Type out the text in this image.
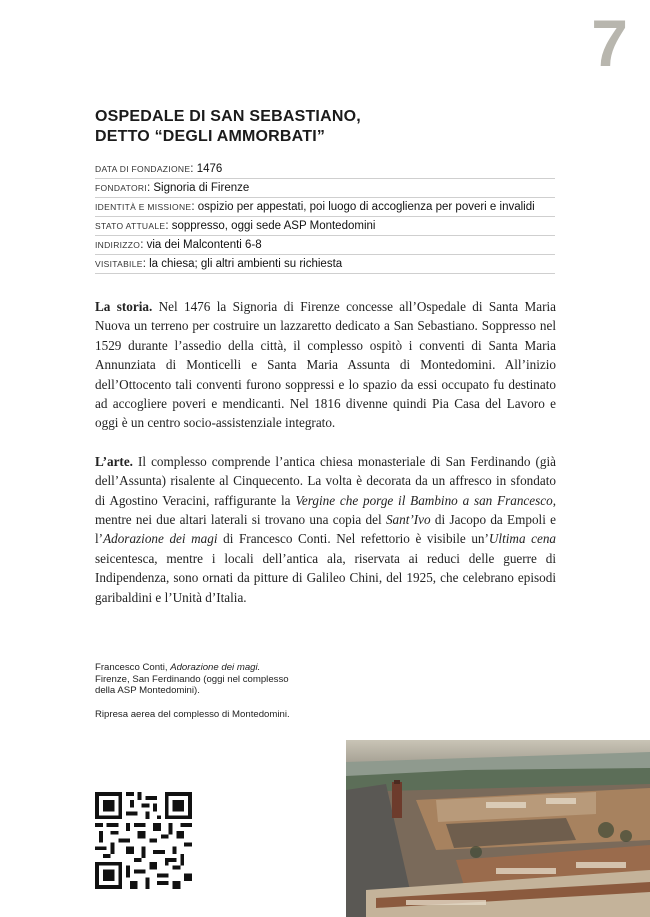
7
OSPEDALE DI SAN SEBASTIANO,
DETTO “DEGLI AMMORBATI”
DATA DI FONDAZIONE: 1476
FONDATORI: Signoria di Firenze
IDENTITÀ E MISSIONE: ospizio per appestati, poi luogo di accoglienza per poveri e invalidi
STATO ATTUALE: soppresso, oggi sede ASP Montedomini
INDIRIZZO: via dei Malcontenti 6-8
VISITABILE: la chiesa; gli altri ambienti su richiesta

La storia. Nel 1476 la Signoria di Firenze concesse all’Ospedale di Santa Maria Nuova un terreno per costruire un lazzaretto dedicato a San Sebastiano. Soppresso nel 1529 durante l’assedio della città, il complesso ospitò i conventi di Santa Maria Annunziata di Monticelli e Santa Maria Assunta di Montedomini. All’inizio dell’Ottocento tali conventi furono soppressi e lo spazio da essi occupato fu destinato ad accogliere poveri e mendicanti. Nel 1816 divenne quindi Pia Casa del Lavoro e oggi è un centro socio-assistenziale integrato.

L’arte. Il complesso comprende l’antica chiesa monasteriale di San Ferdinando (già dell’Assunta) risalente al Cinquecento. La volta è decorata da un affresco in sfondato di Agostino Veracini, raffigurante la Vergine che porge il Bambino a san Francesco, mentre nei due altari laterali si trovano una copia del Sant’Ivo di Jacopo da Empoli e l’Adorazione dei magi di Francesco Conti. Nel refettorio è visibile un’Ultima cena seicentesca, mentre i locali dell’antica ala, riservata ai reduci delle guerre di Indipendenza, sono ornati da pitture di Galileo Chini, del 1925, che celebrano episodi garibaldini e l’Unità d’Italia.

Francesco Conti, Adorazione dei magi.
Firenze, San Ferdinando (oggi nel complesso della ASP Montedomini).

Ripresa aerea del complesso di Montedomini.
